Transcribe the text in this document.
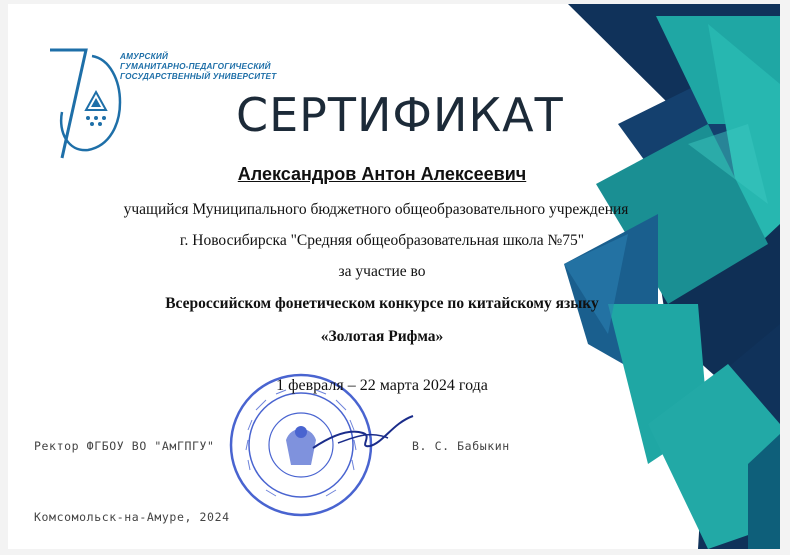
АМУРСКИЙ
ГУМАНИТАРНО-ПЕДАГОГИЧЕСКИЙ
ГОСУДАРСТВЕННЫЙ УНИВЕРСИТЕТ
СЕРТИФИКАТ
Александров Антон Алексеевич
учащийся Муниципального бюджетного общеобразовательного учреждения
г. Новосибирска "Средняя общеобразовательная школа №75"
за участие во
Всероссийском фонетическом конкурсе по китайскому языку
«Золотая Рифма»
1 февраля – 22 марта 2024 года
Ректор ФГБОУ ВО "АмГПГУ"	В. С. Бабыкин
Комсомольск-на-Амуре, 2024
